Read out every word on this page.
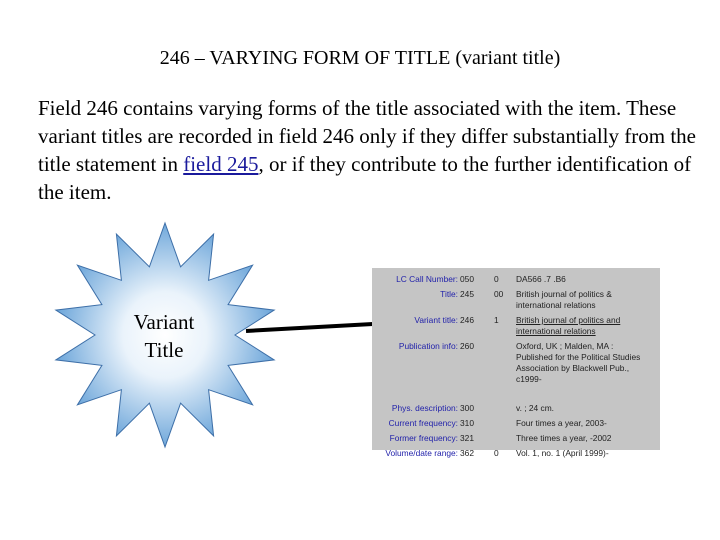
246 – VARYING FORM OF TITLE (variant title)
Field 246 contains varying forms of the title associated with the item. These variant titles are recorded in field 246 only if they differ substantially from the title statement in field 245, or if they contribute to the further identification of the item.
Variant
Title
LC Call Number: 050 0 DA566 .7 .B6
Title: 245 00 British journal of politics &
international relations
Variant title: 246 1 British journal of politics and
international relations
Publication info: 260	Oxford, UK ; Malden, MA :
Published for the Political Studies
Association by Blackwell Pub.,
c1999-
Phys. description: 300	v. ; 24 cm.
Current frequency: 310	Four times a year, 2003-
Former frequency: 321	Three times a year, -2002
Volume/date range: 362 0 Vol. 1, no. 1 (April 1999)-
